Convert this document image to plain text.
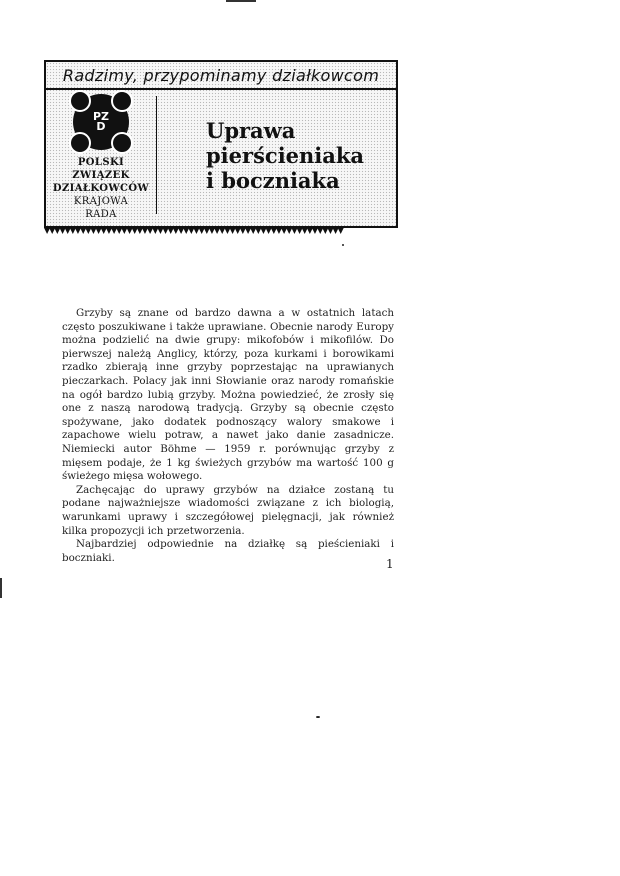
Radzimy, przypominamy działkowcom
PZ
D
POLSKI
ZWIĄZEK
DZIAŁKOWCÓW
KRAJOWA
RADA
Uprawa
pierścieniaka
i boczniaka
▼▼▼▼▼▼▼▼▼▼▼▼▼▼▼▼▼▼▼▼▼▼▼▼▼▼▼▼▼▼▼▼▼▼▼▼▼▼▼▼▼▼▼▼▼▼▼▼▼▼▼▼▼▼▼▼▼▼

Grzyby są znane od bardzo dawna a w ostatnich latach często poszukiwane i także uprawiane. Obecnie narody Europy można podzielić na dwie grupy: mikofobów i mikofilów. Do pierwszej należą Anglicy, którzy, poza kurkami i borowikami rzadko zbierają inne grzyby poprzestając na uprawianych pieczarkach. Polacy jak inni Słowianie oraz narody romańskie na ogół bardzo lubią grzyby. Można powiedzieć, że zrosły się one z naszą narodową tradycją. Grzyby są obecnie często spożywane, jako dodatek podnoszący walory smakowe i zapachowe wielu potraw, a nawet jako danie zasadnicze. Niemiecki autor Böhme — 1959 r. porównując grzyby z mięsem podaje, że 1 kg świeżych grzybów ma wartość 100 g świeżego mięsa wołowego.

Zachęcając do uprawy grzybów na działce zostaną tu podane najważniejsze wiadomości związane z ich biologią, warunkami uprawy i szczegółowej pielęgnacji, jak również kilka propozycji ich przetworzenia.

Najbardziej odpowiednie na działkę są pieścieniaki i boczniaki.	1
